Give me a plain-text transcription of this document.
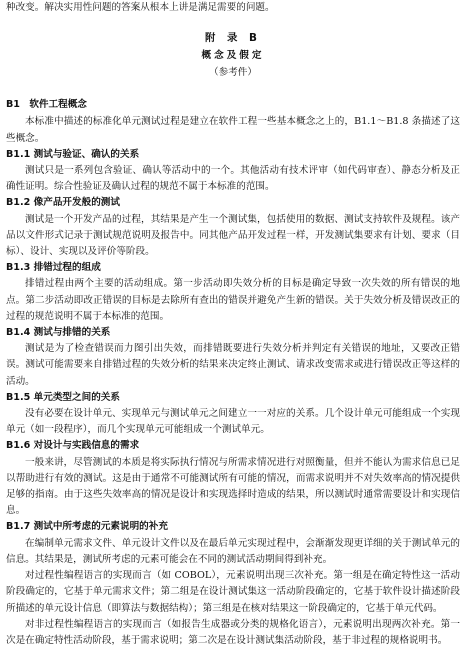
种改变。解决实用性问题的答案从根本上讲是满足需要的问题。

附 录 B

概念及假定

（参考件）

B1 软件工程概念

本标准中描述的标准化单元测试过程是建立在软件工程一些基本概念之上的，B1.1～B1.8 条描述了这些概念。

B1.1 测试与验证、确认的关系

测试只是一系列包含验证、确认等活动中的一个。其他活动有技术评审（如代码审查）、静态分析及正确性证明。综合性验证及确认过程的规范不属于本标准的范围。

B1.2 像产品开发般的测试

测试是一个开发产品的过程，其结果是产生一个测试集，包括使用的数据、测试支持软件及规程。该产品以文件形式记录于测试规范说明及报告中。同其他产品开发过程一样，开发测试集要求有计划、要求（目标）、设计、实现以及评价等阶段。

B1.3 排错过程的组成

排错过程由两个主要的活动组成。第一步活动即失效分析的目标是确定导致一次失效的所有错误的地点。第二步活动即改正错误的目标是去除所有查出的错误并避免产生新的错误。关于失效分析及错误改正的过程的规范说明不属于本标准的范围。

B1.4 测试与排错的关系

测试是为了检查错误而力图引出失效，而排错既要进行失效分析并判定有关错误的地址，又要改正错误。测试可能需要来自排错过程的失效分析的结果来决定终止测试、请求改变需求或进行错误改正等这样的活动。

B1.5 单元类型之间的关系

没有必要在设计单元、实现单元与测试单元之间建立一一对应的关系。几个设计单元可能组成一个实现单元（如一段程序），而几个实现单元可能组成一个测试单元。

B1.6 对设计与实践信息的需求

一般来讲，尽管测试的本质是将实际执行情况与所需求情况进行对照衡量，但并不能认为需求信息已足以帮助进行有效的测试。这是由于通常不可能测试所有可能的情况，而需求说明并不对失效率高的情况提供足够的指南。由于这些失效率高的情况是设计和实现选择时造成的结果，所以测试时通常需要设计和实现信息。

B1.7 测试中所考虑的元素说明的补充

在编制单元需求文件、单元设计文件以及在最后单元实现过程中，会渐渐发现更详细的关于测试单元的信息。其结果是，测试所考虑的元素可能会在不同的测试活动期间得到补充。

对过程性编程语言的实现而言（如 COBOL），元素说明出现三次补充。第一组是在确定特性这一活动阶段确定的，它基于单元需求文件；第二组是在设计测试集这一活动阶段确定的，它基于软件设计描述阶段所描述的单元设计信息（即算法与数据结构）；第三组是在核对结果这一阶段确定的，它基于单元代码。

对非过程性编程语言的实现而言（如报告生成器或分类的规格化语言），元素说明出现两次补充。第一次是在确定特性活动阶段，基于需求说明；第二次是在设计测试集活动阶段，基于非过程的规格说明书。
